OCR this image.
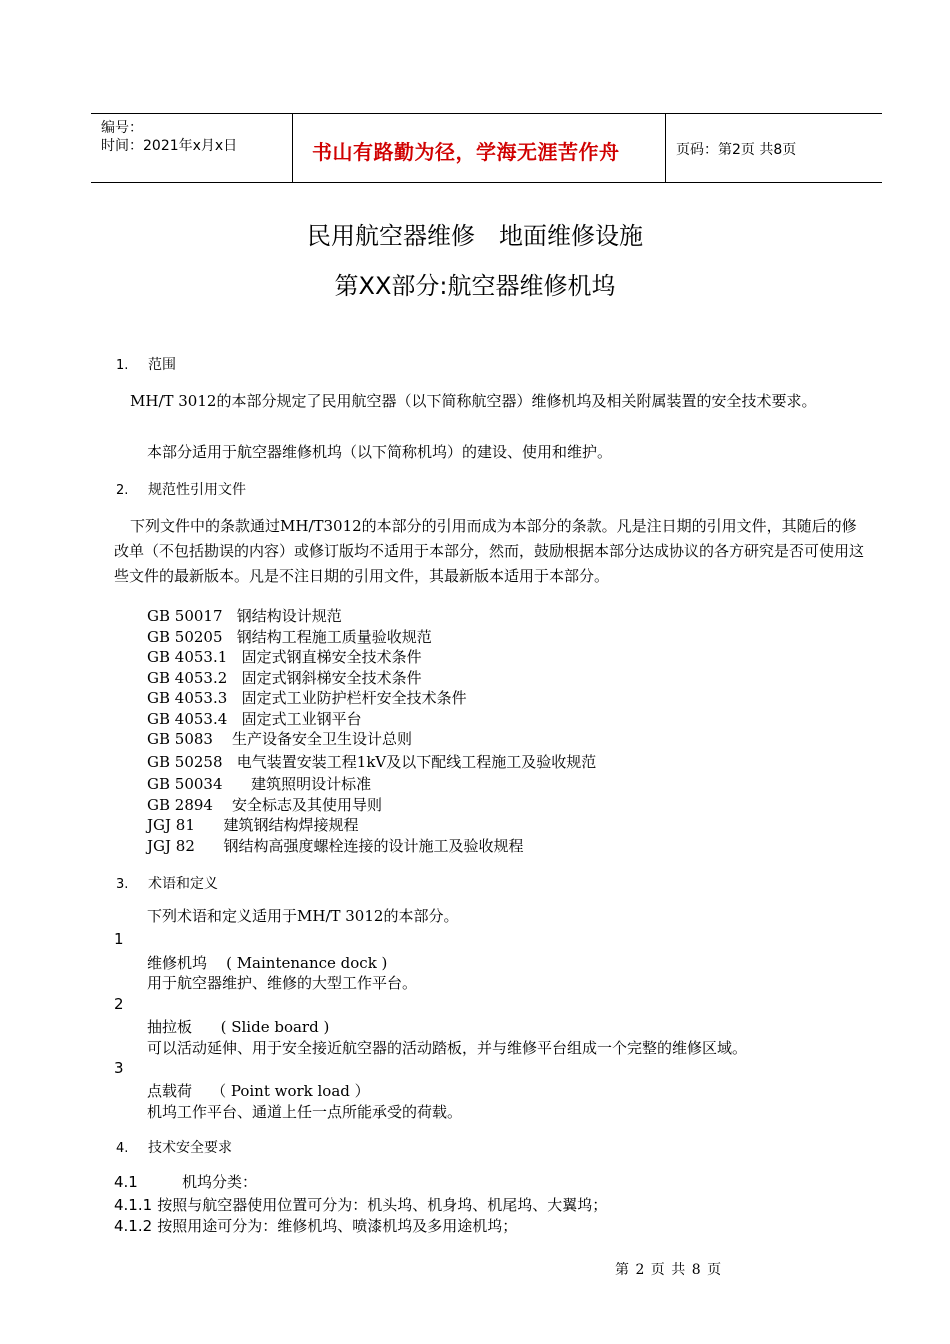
编号：
时间：2021年x月x日	书山有路勤为径，学海无涯苦作舟	页码：第2页 共8页
民用航空器维修　地面维修设施
第XX部分:航空器维修机坞
1. 范围
MH/T 3012的本部分规定了民用航空器（以下简称航空器）维修机坞及相关附属装置的安全技术要求。
本部分适用于航空器维修机坞（以下简称机坞）的建设、使用和维护。
2. 规范性引用文件
下列文件中的条款通过MH/T3012的本部分的引用而成为本部分的条款。凡是注日期的引用文件，其随后的修改单（不包括勘误的内容）或修订版均不适用于本部分，然而，鼓励根据本部分达成协议的各方研究是否可使用这些文件的最新版本。凡是不注日期的引用文件，其最新版本适用于本部分。
GB 50017   钢结构设计规范
GB 50205   钢结构工程施工质量验收规范
GB 4053.1   固定式钢直梯安全技术条件
GB 4053.2   固定式钢斜梯安全技术条件
GB 4053.3   固定式工业防护栏杆安全技术条件
GB 4053.4   固定式工业钢平台
GB 5083    生产设备安全卫生设计总则
GB 50258   电气装置安装工程1kV及以下配线工程施工及验收规范
GB 50034      建筑照明设计标准
GB 2894    安全标志及其使用导则
JGJ 81      建筑钢结构焊接规程
JGJ 82      钢结构高强度螺栓连接的设计施工及验收规程
3. 术语和定义
下列术语和定义适用于MH/T 3012的本部分。
1
维修机坞    ( Maintenance dock )
用于航空器维护、维修的大型工作平台。
2
抽拉板      ( Slide board )
可以活动延伸、用于安全接近航空器的活动踏板，并与维修平台组成一个完整的维修区域。
3
点载荷    （ Point work load ）
机坞工作平台、通道上任一点所能承受的荷载。
4. 技术安全要求
4.1	机坞分类：
4.1.1 按照与航空器使用位置可分为：机头坞、机身坞、机尾坞、大翼坞；
4.1.2 按照用途可分为：维修机坞、喷漆机坞及多用途机坞；
第 2 页 共 8 页
